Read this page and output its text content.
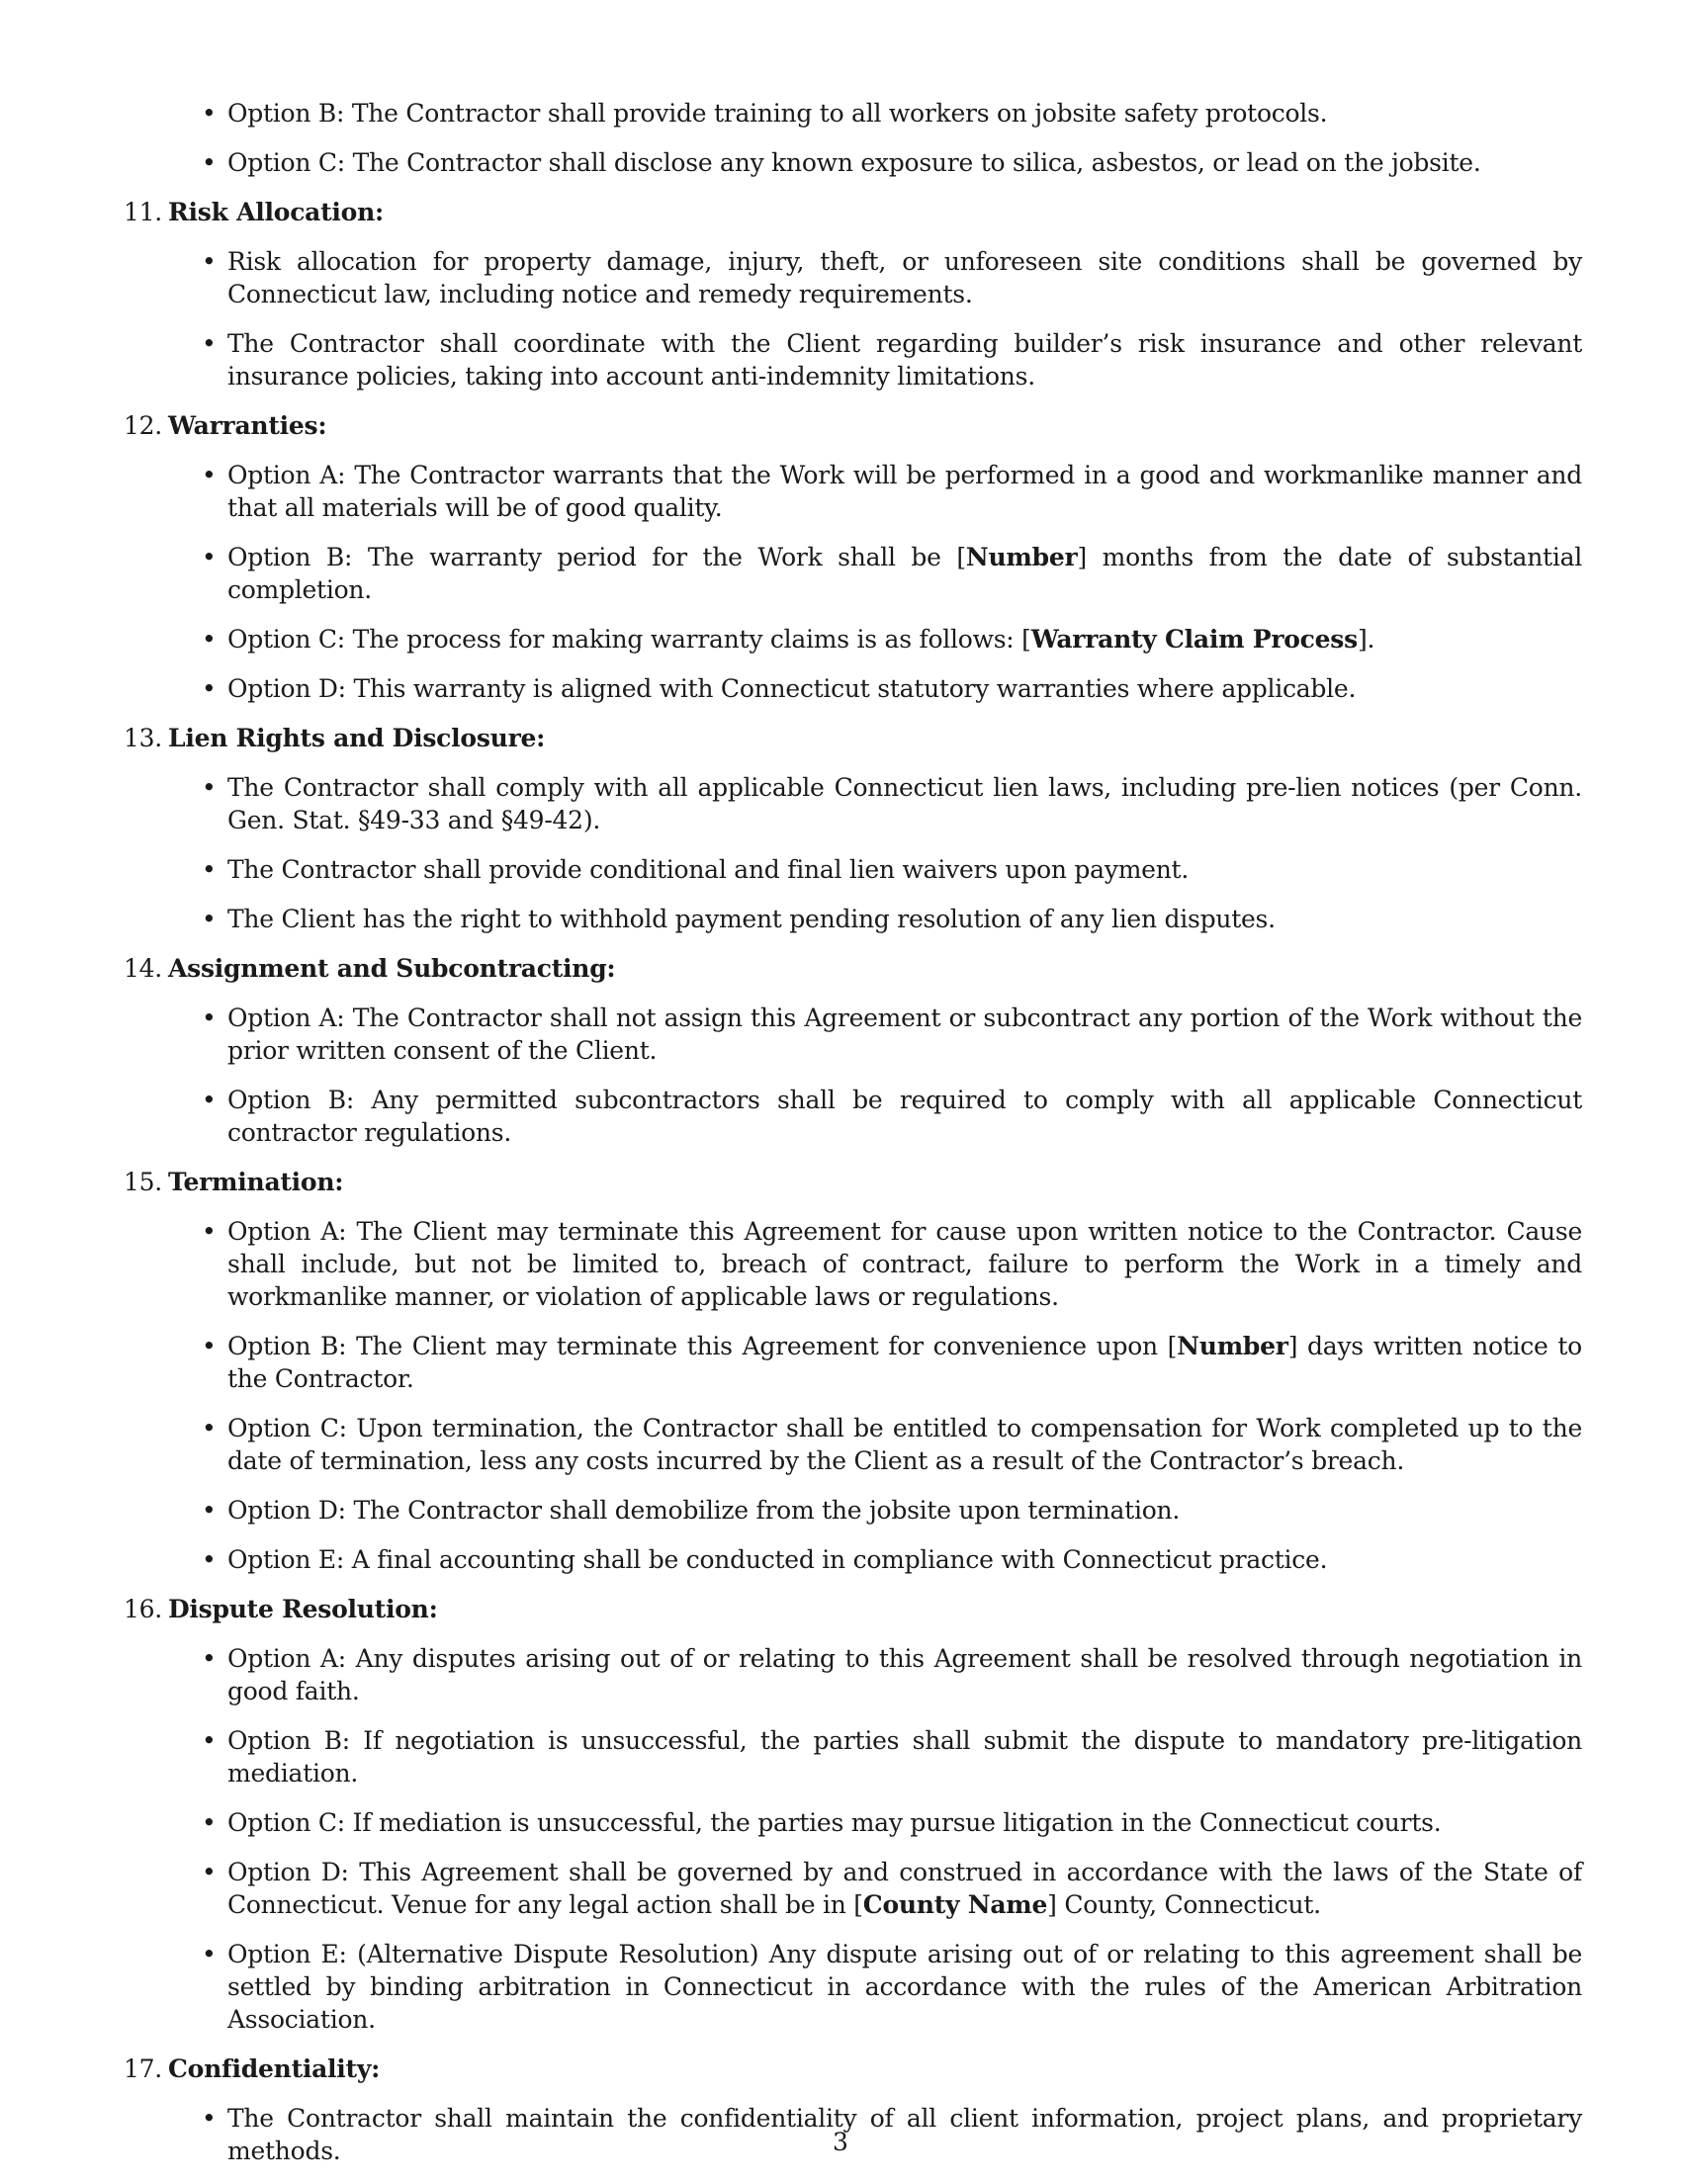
• Option B: The Contractor shall provide training to all workers on jobsite safety protocols.
• Option C: The Contractor shall disclose any known exposure to silica, asbestos, or lead on the jobsite.
11. Risk Allocation:
• Risk allocation for property damage, injury, theft, or unforeseen site conditions shall be governed by Connecticut law, including notice and remedy requirements.
• The Contractor shall coordinate with the Client regarding builder’s risk insurance and other relevant insurance policies, taking into account anti-indemnity limitations.
12. Warranties:
• Option A: The Contractor warrants that the Work will be performed in a good and workmanlike manner and that all materials will be of good quality.
• Option B: The warranty period for the Work shall be [Number] months from the date of substantial completion.
• Option C: The process for making warranty claims is as follows: [Warranty Claim Process].
• Option D: This warranty is aligned with Connecticut statutory warranties where applicable.
13. Lien Rights and Disclosure:
• The Contractor shall comply with all applicable Connecticut lien laws, including pre-lien notices (per Conn. Gen. Stat. §49-33 and §49-42).
• The Contractor shall provide conditional and final lien waivers upon payment.
• The Client has the right to withhold payment pending resolution of any lien disputes.
14. Assignment and Subcontracting:
• Option A: The Contractor shall not assign this Agreement or subcontract any portion of the Work without the prior written consent of the Client.
• Option B: Any permitted subcontractors shall be required to comply with all applicable Connecticut contractor regulations.
15. Termination:
• Option A: The Client may terminate this Agreement for cause upon written notice to the Contractor. Cause shall include, but not be limited to, breach of contract, failure to perform the Work in a timely and workmanlike manner, or violation of applicable laws or regulations.
• Option B: The Client may terminate this Agreement for convenience upon [Number] days written notice to the Contractor.
• Option C: Upon termination, the Contractor shall be entitled to compensation for Work completed up to the date of termination, less any costs incurred by the Client as a result of the Contractor’s breach.
• Option D: The Contractor shall demobilize from the jobsite upon termination.
• Option E: A final accounting shall be conducted in compliance with Connecticut practice.
16. Dispute Resolution:
• Option A: Any disputes arising out of or relating to this Agreement shall be resolved through negotiation in good faith.
• Option B: If negotiation is unsuccessful, the parties shall submit the dispute to mandatory pre-litigation mediation.
• Option C: If mediation is unsuccessful, the parties may pursue litigation in the Connecticut courts.
• Option D: This Agreement shall be governed by and construed in accordance with the laws of the State of Connecticut. Venue for any legal action shall be in [County Name] County, Connecticut.
• Option E: (Alternative Dispute Resolution) Any dispute arising out of or relating to this agreement shall be settled by binding arbitration in Connecticut in accordance with the rules of the American Arbitration Association.
17. Confidentiality:
• The Contractor shall maintain the confidentiality of all client information, project plans, and proprietary methods.	3
